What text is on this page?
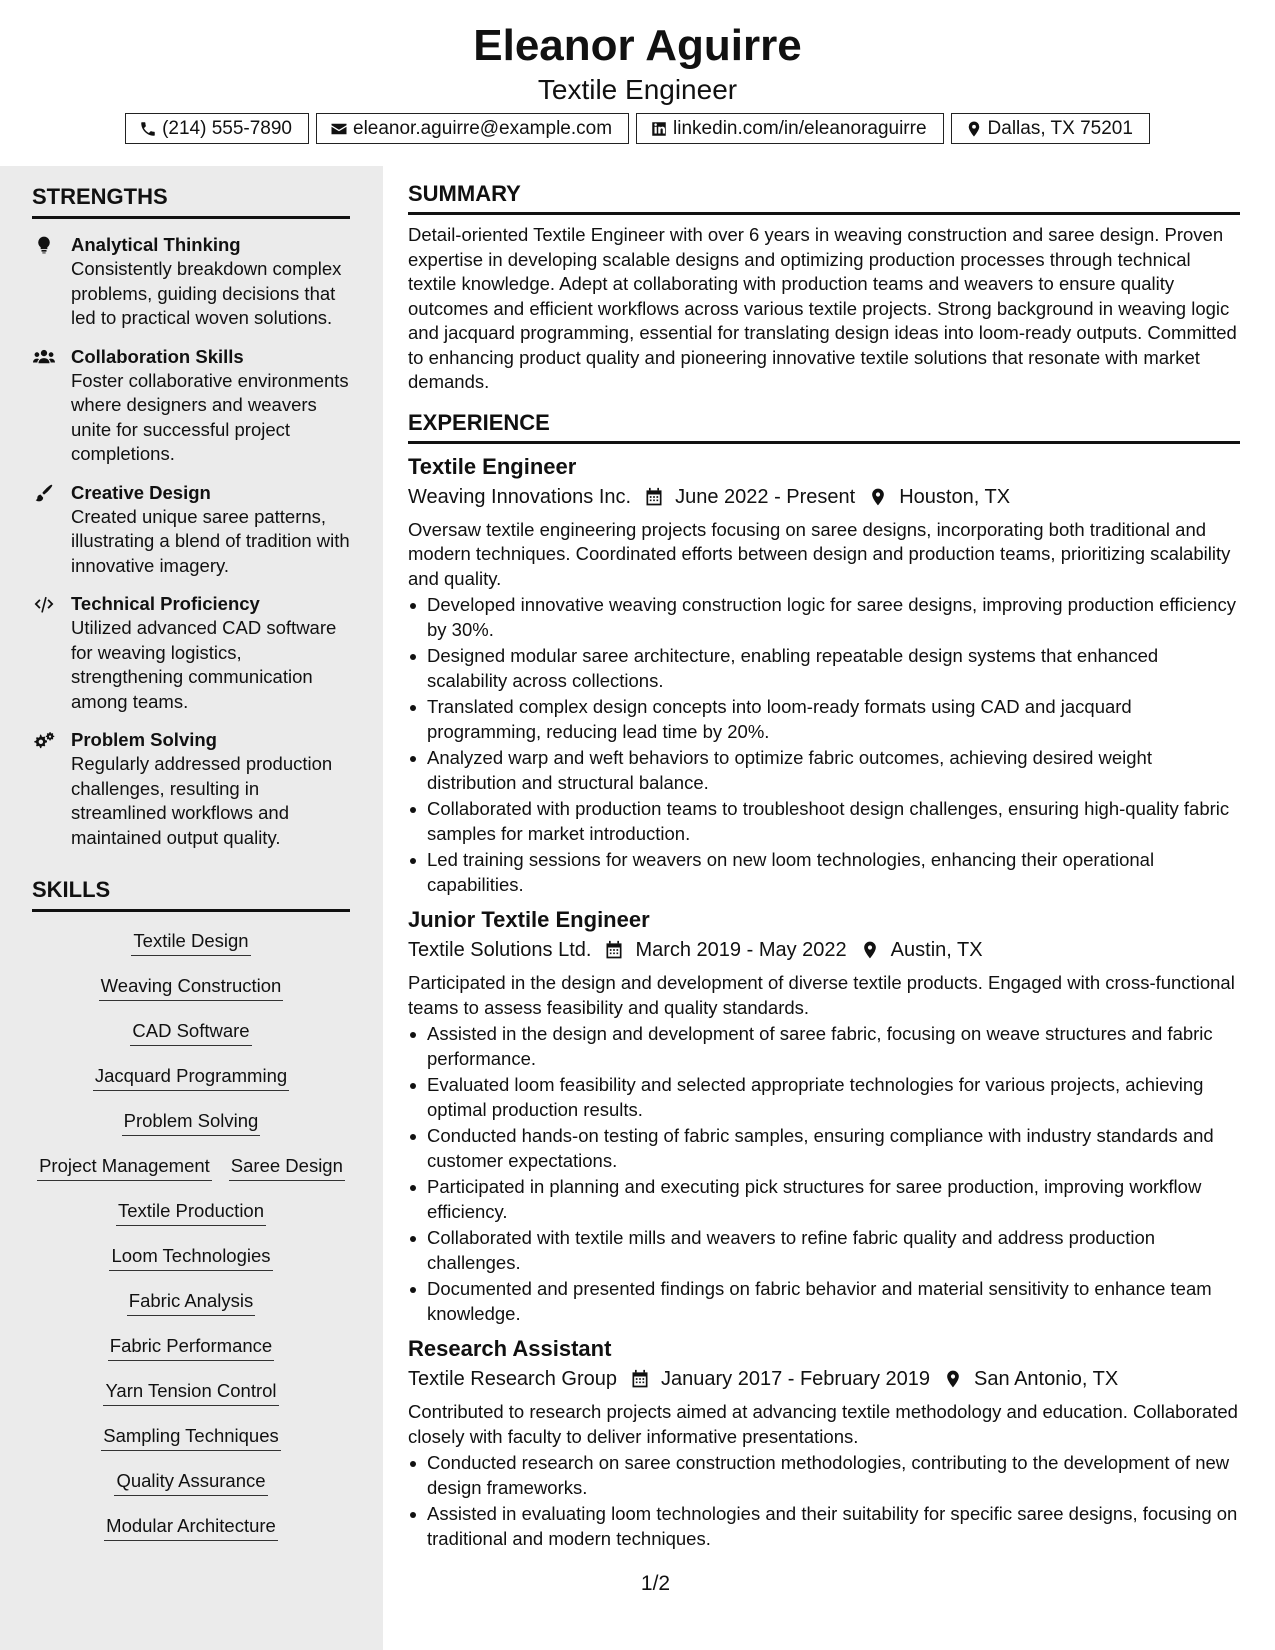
Eleanor Aguirre
Textile Engineer
(214) 555-7890	eleanor.aguirre@example.com	linkedin.com/in/eleanoraguirre	Dallas, TX 75201
STRENGTHS
Analytical Thinking
Consistently breakdown complex problems, guiding decisions that led to practical woven solutions.
Collaboration Skills
Foster collaborative environments where designers and weavers unite for successful project completions.
Creative Design
Created unique saree patterns, illustrating a blend of tradition with innovative imagery.
Technical Proficiency
Utilized advanced CAD software for weaving logistics, strengthening communication among teams.
Problem Solving
Regularly addressed production challenges, resulting in streamlined workflows and maintained output quality.
SKILLS
Textile Design
Weaving Construction
CAD Software
Jacquard Programming
Problem Solving
Project Management Saree Design
Textile Production
Loom Technologies
Fabric Analysis
Fabric Performance
Yarn Tension Control
Sampling Techniques
Quality Assurance
Modular Architecture
SUMMARY
Detail-oriented Textile Engineer with over 6 years in weaving construction and saree design. Proven expertise in developing scalable designs and optimizing production processes through technical textile knowledge. Adept at collaborating with production teams and weavers to ensure quality outcomes and efficient workflows across various textile projects. Strong background in weaving logic and jacquard programming, essential for translating design ideas into loom-ready outputs. Committed to enhancing product quality and pioneering innovative textile solutions that resonate with market demands.
EXPERIENCE
Textile Engineer
Weaving Innovations Inc. June 2022 - Present Houston, TX
Oversaw textile engineering projects focusing on saree designs, incorporating both traditional and modern techniques. Coordinated efforts between design and production teams, prioritizing scalability and quality.
Developed innovative weaving construction logic for saree designs, improving production efficiency by 30%.
Designed modular saree architecture, enabling repeatable design systems that enhanced scalability across collections.
Translated complex design concepts into loom-ready formats using CAD and jacquard programming, reducing lead time by 20%.
Analyzed warp and weft behaviors to optimize fabric outcomes, achieving desired weight distribution and structural balance.
Collaborated with production teams to troubleshoot design challenges, ensuring high-quality fabric samples for market introduction.
Led training sessions for weavers on new loom technologies, enhancing their operational capabilities.
Junior Textile Engineer
Textile Solutions Ltd. March 2019 - May 2022 Austin, TX
Participated in the design and development of diverse textile products. Engaged with cross-functional teams to assess feasibility and quality standards.
Assisted in the design and development of saree fabric, focusing on weave structures and fabric performance.
Evaluated loom feasibility and selected appropriate technologies for various projects, achieving optimal production results.
Conducted hands-on testing of fabric samples, ensuring compliance with industry standards and customer expectations.
Participated in planning and executing pick structures for saree production, improving workflow efficiency.
Collaborated with textile mills and weavers to refine fabric quality and address production challenges.
Documented and presented findings on fabric behavior and material sensitivity to enhance team knowledge.
Research Assistant
Textile Research Group January 2017 - February 2019 San Antonio, TX
Contributed to research projects aimed at advancing textile methodology and education. Collaborated closely with faculty to deliver informative presentations.
Conducted research on saree construction methodologies, contributing to the development of new design frameworks.
Assisted in evaluating loom technologies and their suitability for specific saree designs, focusing on traditional and modern techniques.
1/2
